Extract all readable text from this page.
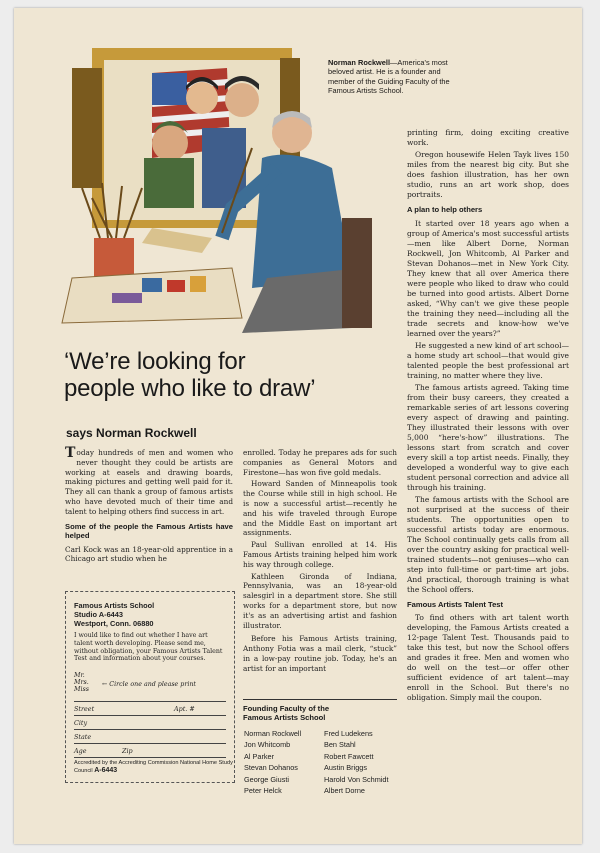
Norman Rockwell—America's most beloved artist. He is a founder and member of the Guiding Faculty of the Famous Artists School.
‘We’re looking for
people who like to draw’
says Norman Rockwell

Today hundreds of men and women who never thought they could be artists are working at easels and drawing boards, making pictures and getting well paid for it. They all can thank a group of famous artists who have devoted much of their time and talent to helping others find success in art.

Some of the people the Famous Artists have helped

Carl Kock was an 18-year-old apprentice in a Chicago art studio when he

Famous Artists School
Studio A-6443
Westport, Conn. 06880
I would like to find out whether I have art talent worth developing. Please send me, without obligation, your Famous Artists Talent Test and information about your courses.
Mr.
Mrs.
Miss
← Circle one and please print
Street	Apt. #
City
State
Age	Zip
Accredited by the Accrediting Commission National Home Study Council A-6443

enrolled. Today he prepares ads for such companies as General Motors and Firestone—has won five gold medals.

Howard Sanden of Minneapolis took the Course while still in high school. He is now a successful artist—recently he and his wife traveled through Europe and the Middle East on important art assignments.

Paul Sullivan enrolled at 14. His Famous Artists training helped him work his way through college.

Kathleen Gironda of Indiana, Pennsylvania, was an 18-year-old salesgirl in a department store. She still works for a department store, but now it's as an advertising artist and fashion illustrator.

Before his Famous Artists training, Anthony Fotia was a mail clerk, “stuck” in a low-pay routine job. Today, he's an artist for an important

Founding Faculty of the
Famous Artists School
Norman Rockwell
Jon Whitcomb
Al Parker
Stevan Dohanos
George Giusti
Peter Helck
Fred Ludekens
Ben Stahl
Robert Fawcett
Austin Briggs
Harold Von Schmidt
Albert Dorne

printing firm, doing exciting creative work.

Oregon housewife Helen Tayk lives 150 miles from the nearest big city. But she does fashion illustration, has her own studio, runs an art work shop, does portraits.

A plan to help others

It started over 18 years ago when a group of America's most successful artists—men like Albert Dorne, Norman Rockwell, Jon Whitcomb, Al Parker and Stevan Dohanos—met in New York City. They knew that all over America there were people who liked to draw who could be turned into good artists. Albert Dorne asked, “Why can't we give these people the training they need—including all the trade secrets and know-how we've learned over the years?”

He suggested a new kind of art school—a home study art school—that would give talented people the best professional art training, no matter where they live.

The famous artists agreed. Taking time from their busy careers, they created a remarkable series of art lessons covering every aspect of drawing and painting. They illustrated their lessons with over 5,000 “here's-how” illustrations. The lessons start from scratch and cover every skill a top artist needs. Finally, they developed a wonderful way to give each student personal correction and advice all through his training.

The famous artists with the School are not surprised at the success of their students. The opportunities open to successful artists today are enormous. The School continually gets calls from all over the country asking for practical well-trained students—not geniuses—who can step into full-time or part-time art jobs. And practical, thorough training is what the School offers.

Famous Artists Talent Test

To find others with art talent worth developing, the Famous Artists created a 12-page Talent Test. Thousands paid to take this test, but now the School offers and grades it free. Men and women who do well on the test—or offer other sufficient evidence of art talent—may enroll in the School. But there's no obligation. Simply mail the coupon.
